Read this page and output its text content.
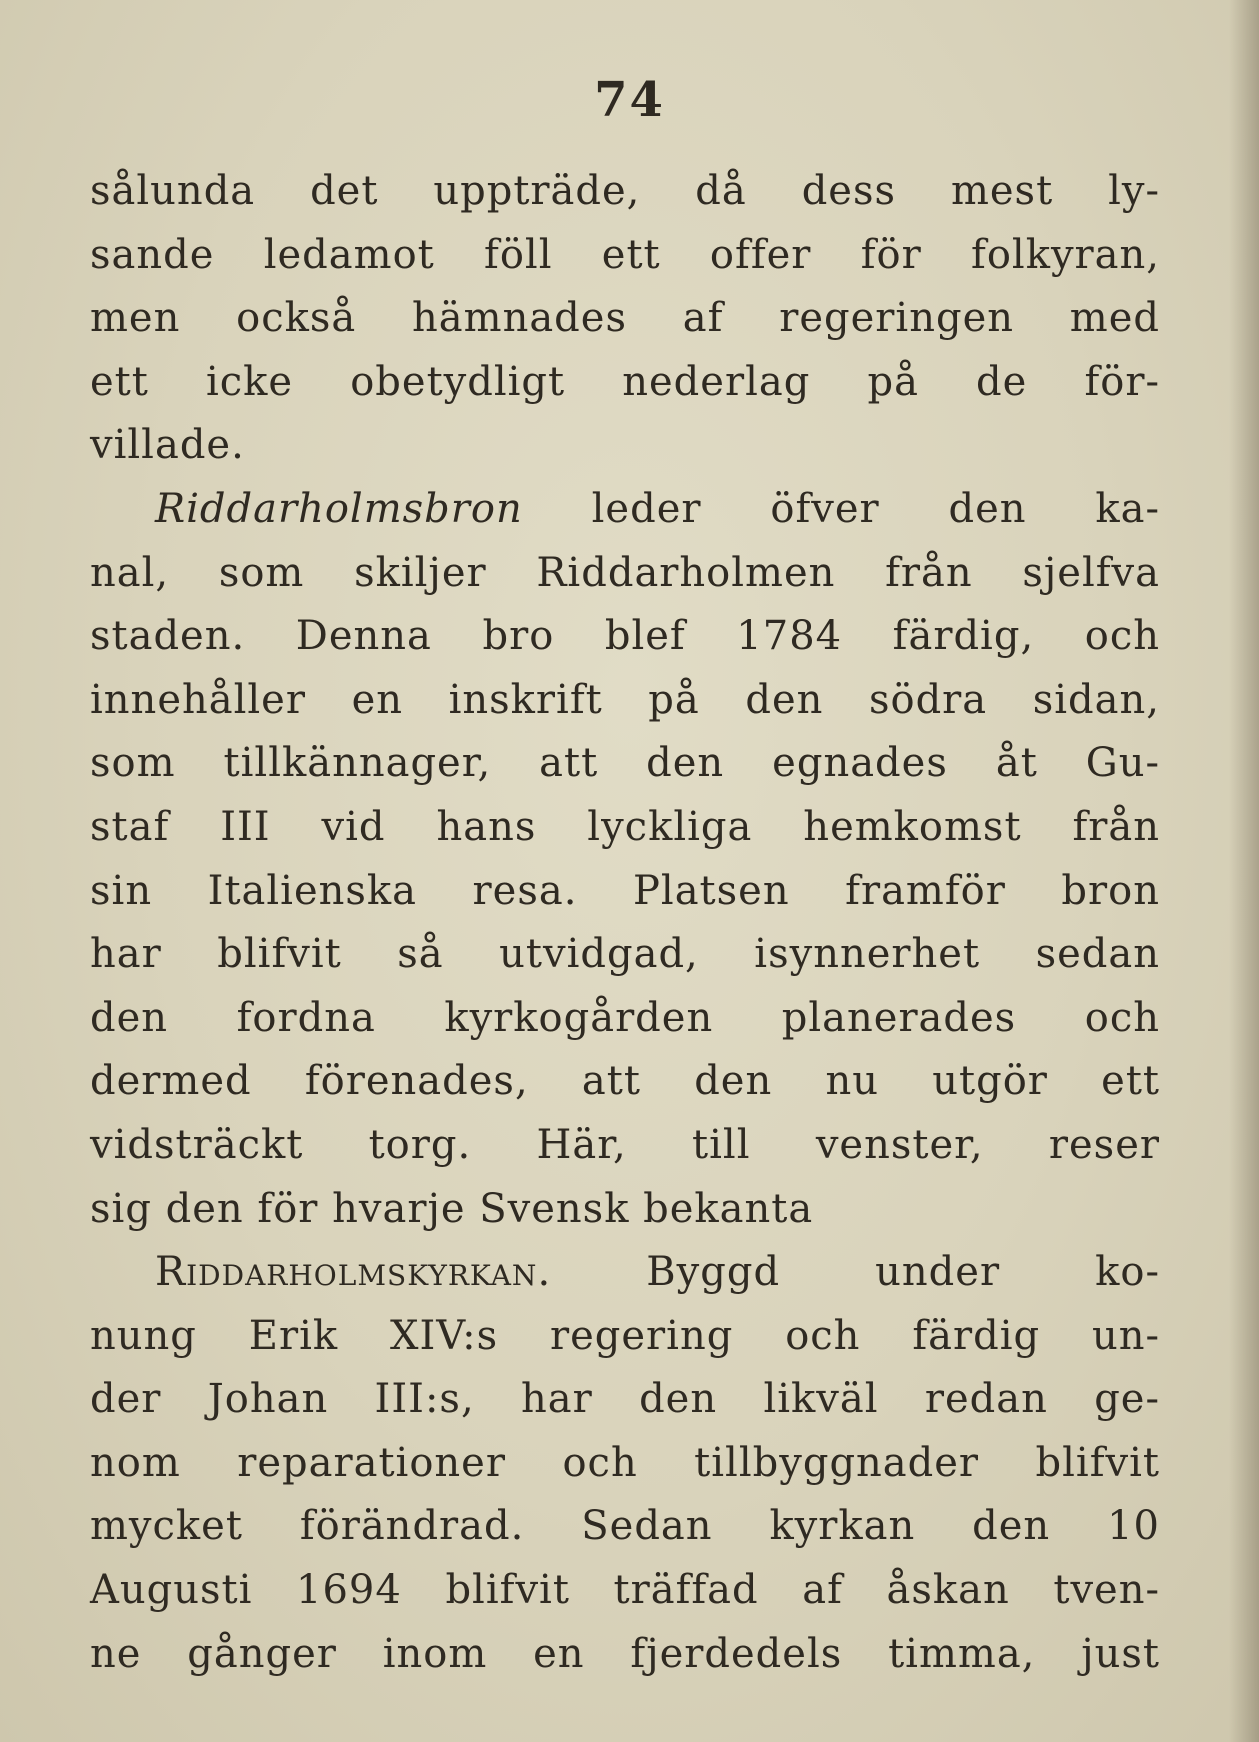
74
sålunda det uppträde, då dess mest ly-
sande ledamot föll ett offer för folkyran,
men också hämnades af regeringen med
ett icke obetydligt nederlag på de för-
villade.
Riddarholmsbron leder öfver den ka-
nal, som skiljer Riddarholmen från sjelfva
staden. Denna bro blef 1784 färdig, och
innehåller en inskrift på den södra sidan,
som tillkännager, att den egnades åt Gu-
staf III vid hans lyckliga hemkomst från
sin Italienska resa. Platsen framför bron
har blifvit så utvidgad, isynnerhet sedan
den fordna kyrkogården planerades och
dermed förenades, att den nu utgör ett
vidsträckt torg. Här, till venster, reser
sig den för hvarje Svensk bekanta
Riddarholmskyrkan. Byggd under ko-
nung Erik XIV:s regering och färdig un-
der Johan III:s, har den likväl redan ge-
nom reparationer och tillbyggnader blifvit
mycket förändrad. Sedan kyrkan den 10
Augusti 1694 blifvit träffad af åskan tven-
ne gånger inom en fjerdedels timma, just
